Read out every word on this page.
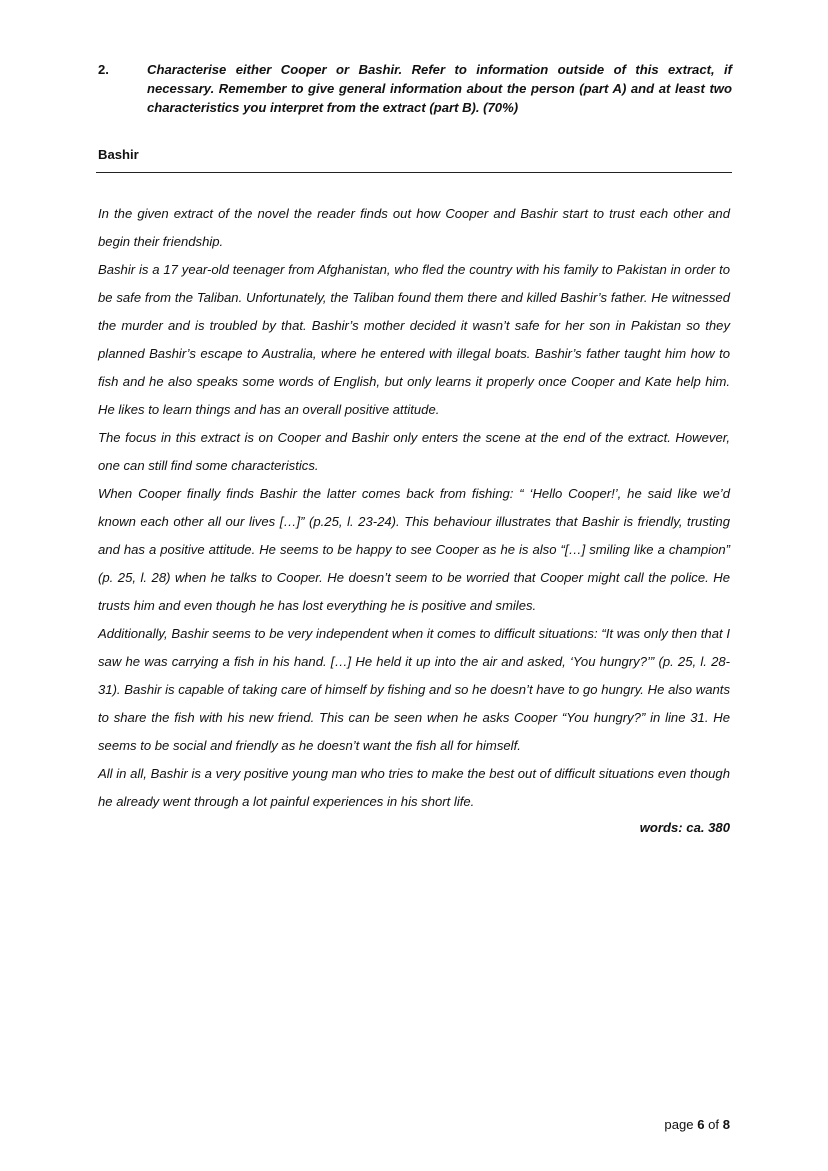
2.	Characterise either Cooper or Bashir. Refer to information outside of this extract, if necessary. Remember to give general information about the person (part A) and at least two characteristics you interpret from the extract (part B). (70%)
Bashir

In the given extract of the novel the reader finds out how Cooper and Bashir start to trust each other and begin their friendship.

Bashir is a 17 year-old teenager from Afghanistan, who fled the country with his family to Pakistan in order to be safe from the Taliban. Unfortunately, the Taliban found them there and killed Bashir’s father. He witnessed the murder and is troubled by that. Bashir’s mother decided it wasn’t safe for her son in Pakistan so they planned Bashir’s escape to Australia, where he entered with illegal boats. Bashir’s father taught him how to fish and he also speaks some words of English, but only learns it properly once Cooper and Kate help him. He likes to learn things and has an overall positive attitude.

The focus in this extract is on Cooper and Bashir only enters the scene at the end of the extract. However, one can still find some characteristics.

When Cooper finally finds Bashir the latter comes back from fishing: “ ‘Hello Cooper!’, he said like we’d known each other all our lives […]” (p.25, l. 23-24). This behaviour illustrates that Bashir is friendly, trusting and has a positive attitude. He seems to be happy to see Cooper as he is also “[…] smiling like a champion” (p. 25, l. 28) when he talks to Cooper. He doesn’t seem to be worried that Cooper might call the police. He trusts him and even though he has lost everything he is positive and smiles.

Additionally, Bashir seems to be very independent when it comes to difficult situations: “It was only then that I saw he was carrying a fish in his hand. […] He held it up into the air and asked, ‘You hungry?’” (p. 25, l. 28-31). Bashir is capable of taking care of himself by fishing and so he doesn’t have to go hungry. He also wants to share the fish with his new friend. This can be seen when he asks Cooper “You hungry?” in line 31. He seems to be social and friendly as he doesn’t want the fish all for himself.

All in all, Bashir is a very positive young man who tries to make the best out of difficult situations even though he already went through a lot painful experiences in his short life.

words: ca. 380
page 6 of 8
